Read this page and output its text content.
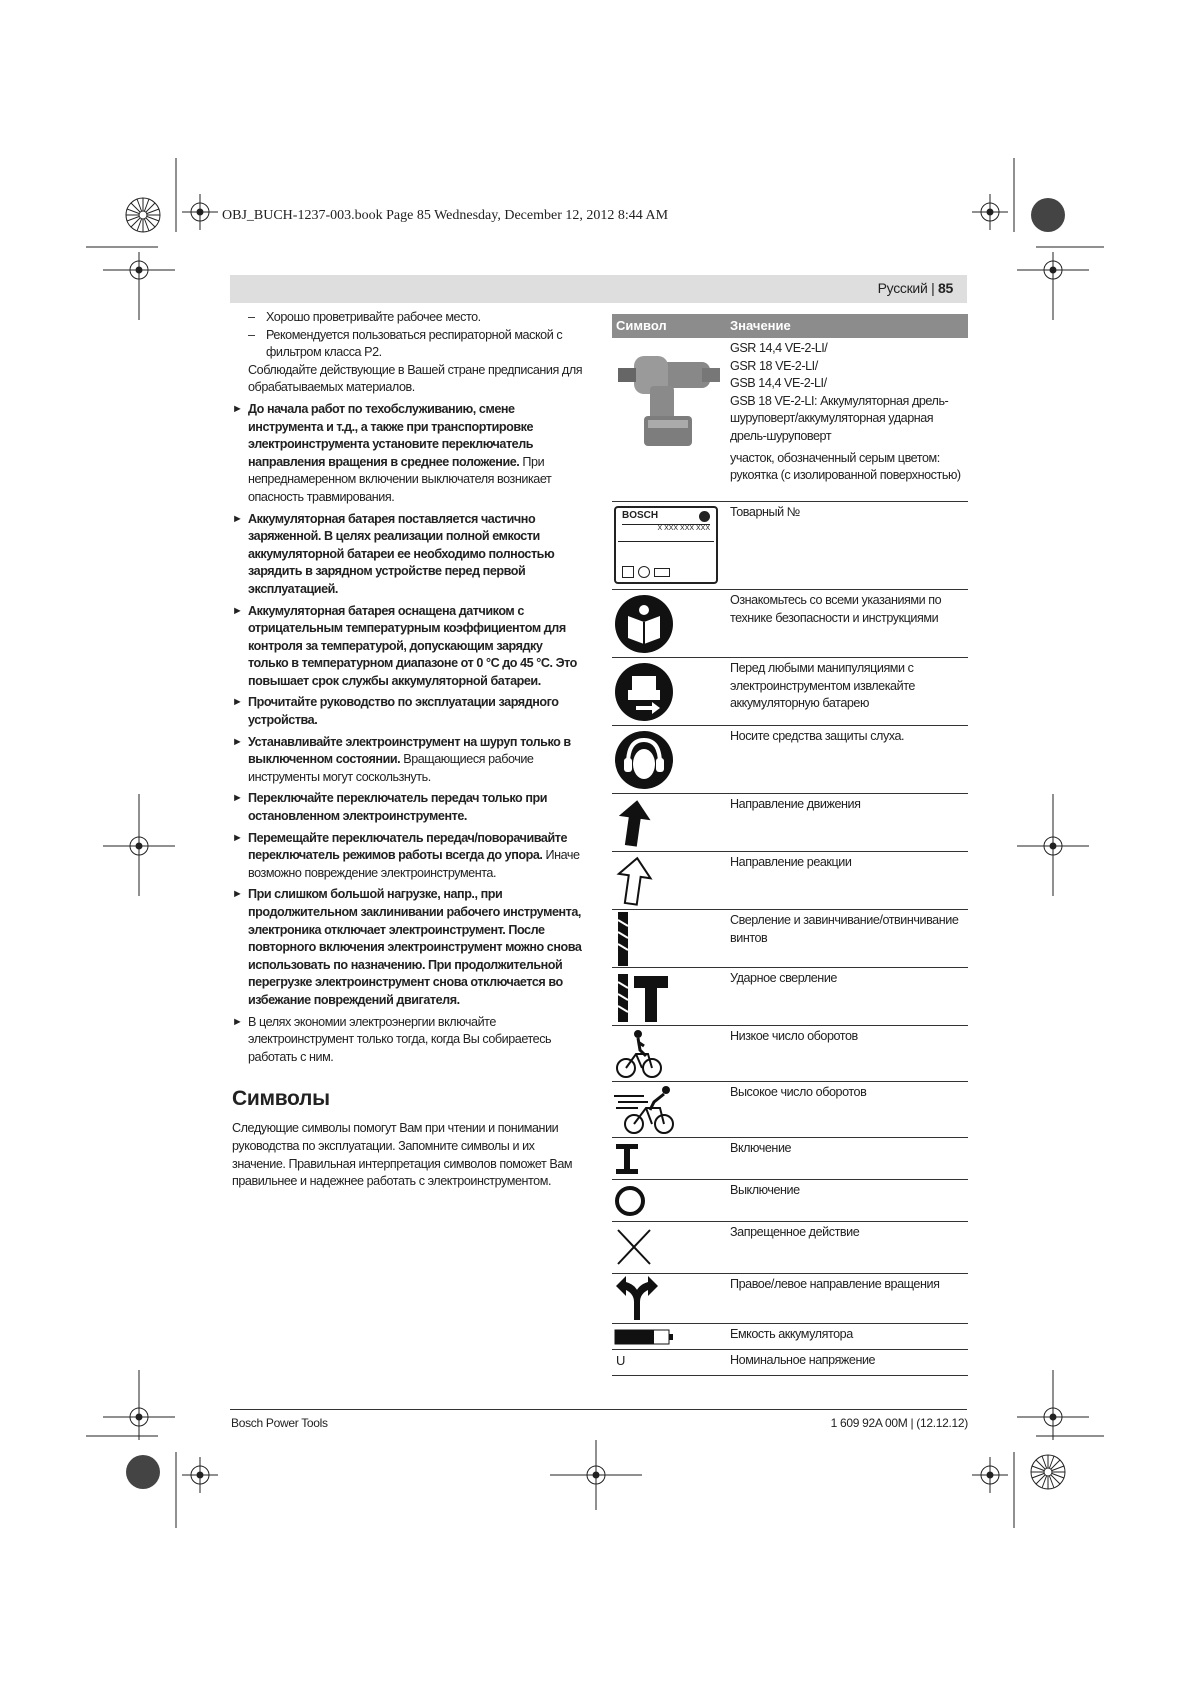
OBJ_BUCH-1237-003.book Page 85 Wednesday, December 12, 2012 8:44 AM
Русский | 85
– Хорошо проветривайте рабочее место.
– Рекомендуется пользоваться респираторной маской с фильтром класса P2.
Соблюдайте действующие в Вашей стране предписания для обрабатываемых материалов.
► До начала работ по техобслуживанию, смене инструмента и т.д., а также при транспортировке электроинструмента установите переключатель направления вращения в среднее положение. При непреднамеренном включении выключателя возникает опасность травмирования.
► Аккумуляторная батарея поставляется частично заряженной. В целях реализации полной емкости аккумуляторной батареи ее необходимо полностью зарядить в зарядном устройстве перед первой эксплуатацией.
► Аккумуляторная батарея оснащена датчиком с отрицательным температурным коэффициентом для контроля за температурой, допускающим зарядку только в температурном диапазоне от 0 °C до 45 °C. Это повышает срок службы аккумуляторной батареи.
► Прочитайте руководство по эксплуатации зарядного устройства.
► Устанавливайте электроинструмент на шуруп только в выключенном состоянии. Вращающиеся рабочие инструменты могут соскользнуть.
► Переключайте переключатель передач только при остановленном электроинструменте.
► Перемещайте переключатель передач/поворачивайте переключатель режимов работы всегда до упора. Иначе возможно повреждение электроинструмента.
► При слишком большой нагрузке, напр., при продолжительном заклинивании рабочего инструмента, электроника отключает электроинструмент. После повторного включения электроинструмент можно снова использовать по назначению. При продолжительной перегрузке электроинструмент снова отключается во избежание повреждений двигателя.
► В целях экономии электроэнергии включайте электроинструмент только тогда, когда Вы собираетесь работать с ним.
Символы
Следующие символы помогут Вам при чтении и понимании руководства по эксплуатации. Запомните символы и их значение. Правильная интерпретация символов поможет Вам правильнее и надежнее работать с электроинструментом.
Символ	Значение
GSR 14,4 VE-2-LI/
GSR 18 VE-2-LI/
GSB 14,4 VE-2-LI/
GSB 18 VE-2-LI: Аккумуляторная дрель-шуруповерт/аккумуляторная ударная дрель-шуруповерт
участок, обозначенный серым цветом: рукоятка (с изолированной поверхностью)
BOSCH
X XXX XXX XXX
Товарный №
Ознакомьтесь со всеми указаниями по технике безопасности и инструкциями
Перед любыми манипуляциями с электроинструментом извлекайте аккумуляторную батарею
Носите средства защиты слуха.
Направление движения
Направление реакции
Сверление и завинчивание/отвинчивание винтов
Ударное сверление
Низкое число оборотов
Высокое число оборотов
Включение
Выключение
Запрещенное действие
Правое/левое направление вращения
Емкость аккумулятора
U	Номинальное напряжение
Bosch Power Tools	1 609 92A 00M | (12.12.12)
